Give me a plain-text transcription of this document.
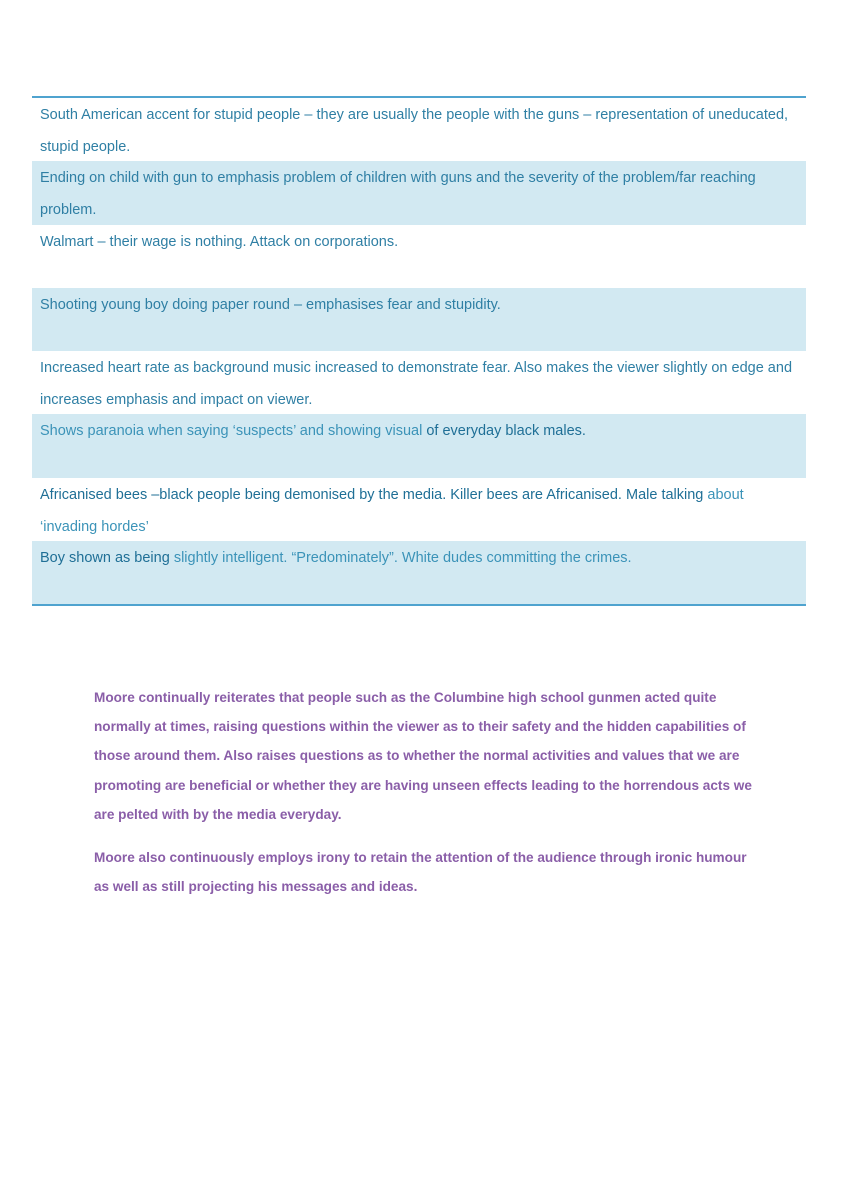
South American accent for stupid people – they are usually the people with the guns – representation of uneducated, stupid people.
Ending on child with gun to emphasis problem of children with guns and the severity of the problem/far reaching problem.
Walmart – their wage is nothing. Attack on corporations.
Shooting young boy doing paper round – emphasises fear and stupidity.
Increased heart rate as background music increased to demonstrate fear. Also makes the viewer slightly on edge and increases emphasis and impact on viewer.
Shows paranoia when saying ‘suspects’ and showing visual of everyday black males.
Africanised bees –black people being demonised by the media. Killer bees are Africanised. Male talking about ‘invading hordes’
Boy shown as being slightly intelligent. “Predominately”. White dudes committing the crimes.

Moore continually reiterates that people such as the Columbine high school gunmen acted quite normally at times, raising questions within the viewer as to their safety and the hidden capabilities of those around them. Also raises questions as to whether the normal activities and values that we are promoting are beneficial or whether they are having unseen effects leading to the horrendous acts we are pelted with by the media everyday.

Moore also continuously employs irony to retain the attention of the audience through ironic humour as well as still projecting his messages and ideas.
